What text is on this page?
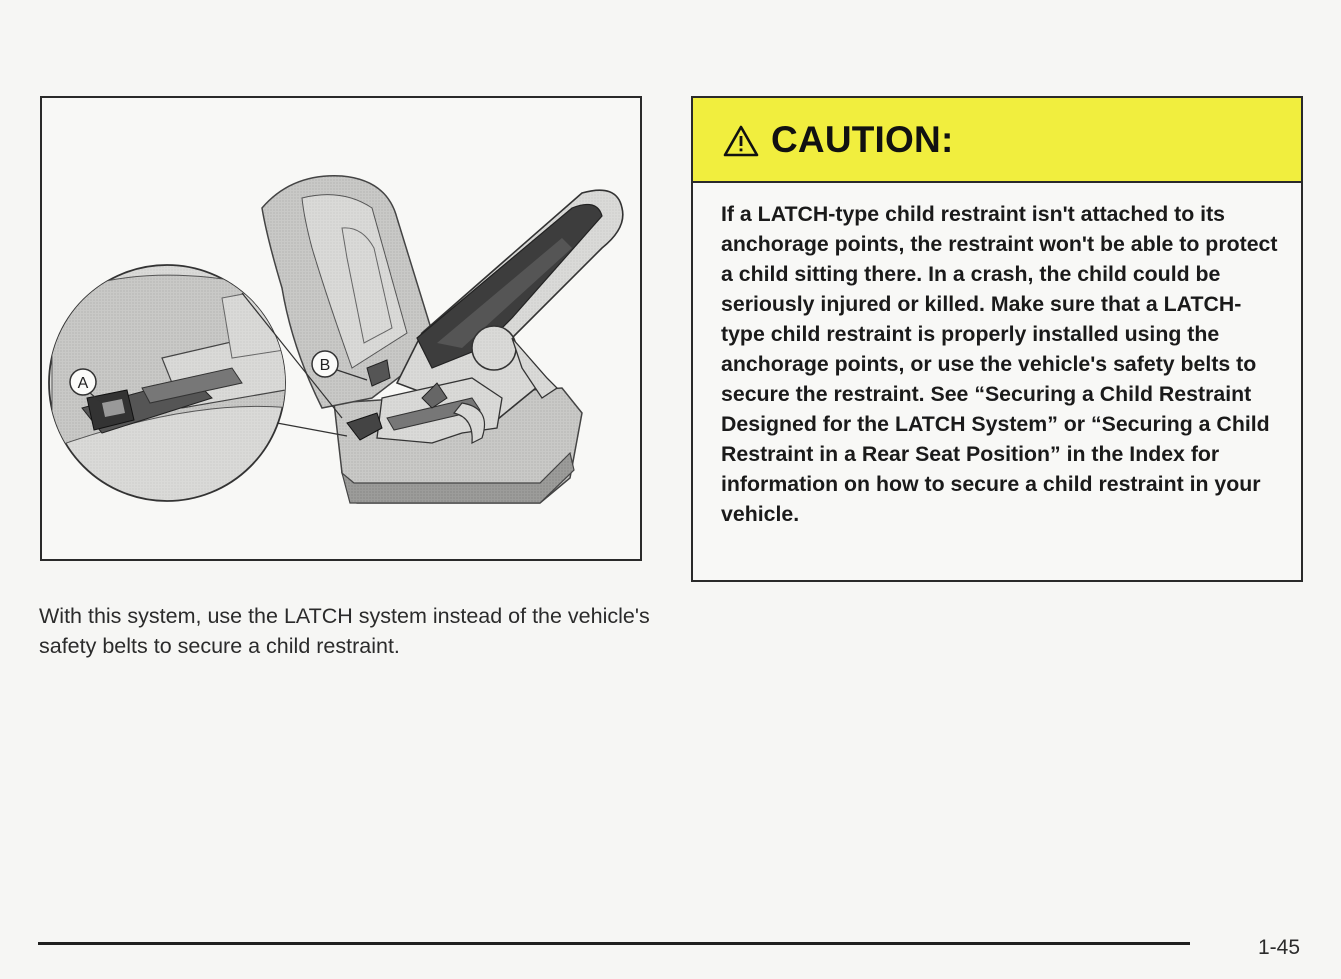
A
B

With this system, use the LATCH system instead of the vehicle's safety belts to secure a child restraint.

CAUTION:

If a LATCH-type child restraint isn't attached to its anchorage points, the restraint won't be able to protect a child sitting there. In a crash, the child could be seriously injured or killed. Make sure that a LATCH-type child restraint is properly installed using the anchorage points, or use the vehicle's safety belts to secure the restraint. See “Securing a Child Restraint Designed for the LATCH System” or “Securing a Child Restraint in a Rear Seat Position” in the Index for information on how to secure a child restraint in your vehicle.

1-45
